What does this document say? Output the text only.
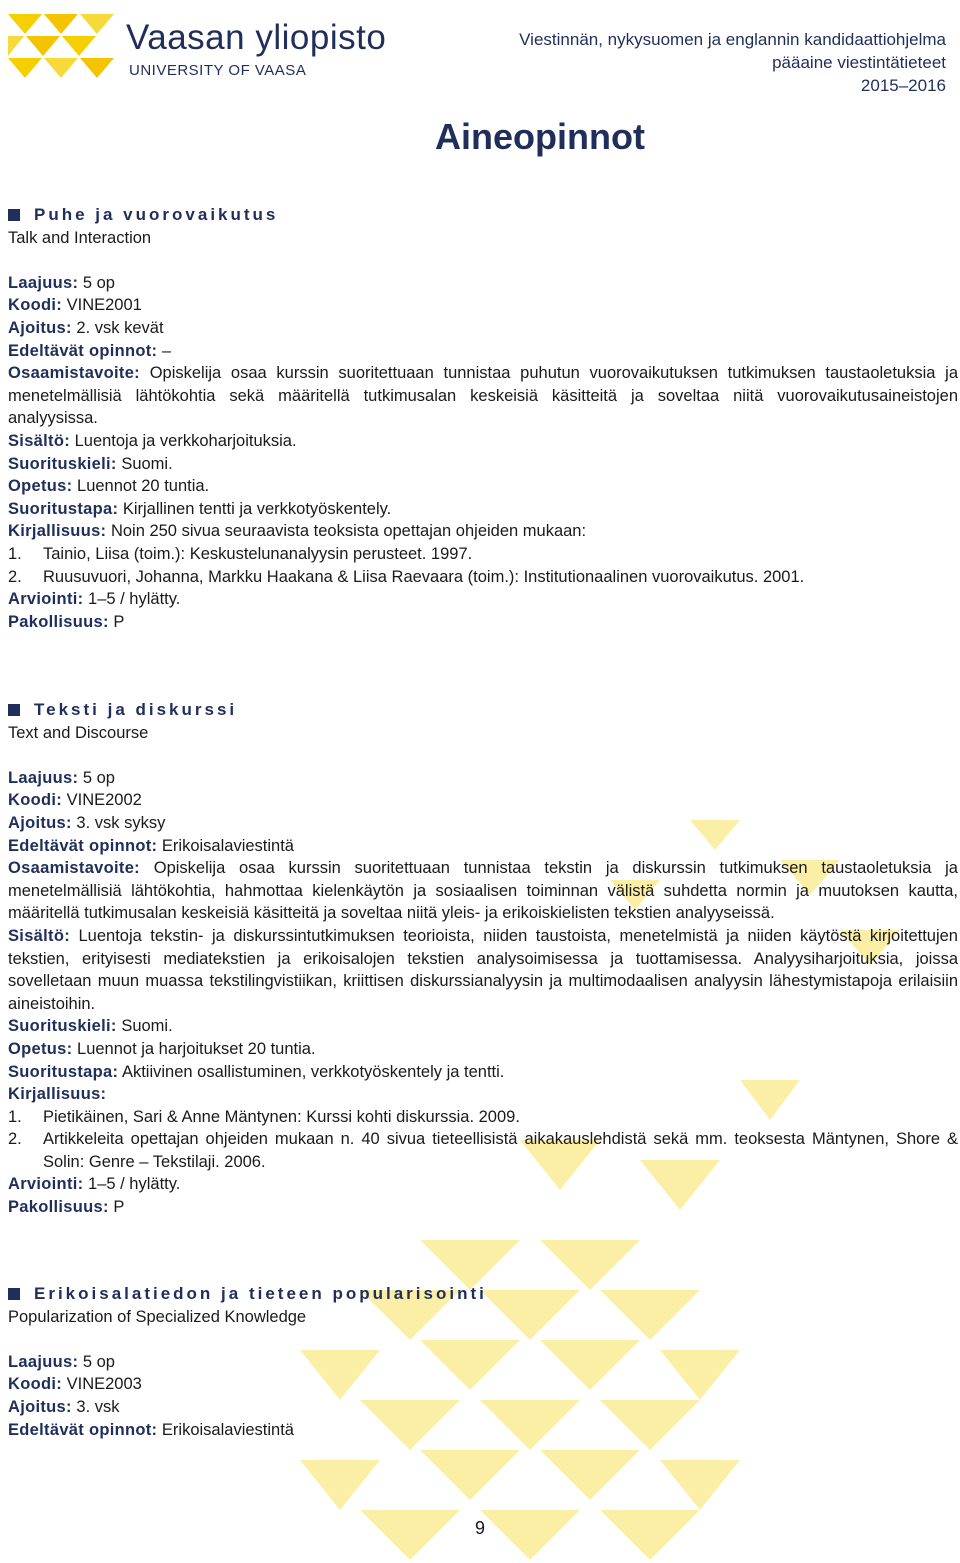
Vaasan yliopisto
UNIVERSITY OF VAASA
Viestinnän, nykysuomen ja englannin kandidaattiohjelma
pääaine viestintätieteet
2015–2016
Aineopinnot
Puhe ja vuorovaikutus
Talk and Interaction
Laajuus: 5 op
Koodi: VINE2001
Ajoitus: 2. vsk kevät
Edeltävät opinnot: –
Osaamistavoite: Opiskelija osaa kurssin suoritettuaan tunnistaa puhutun vuorovaikutuksen tutkimuksen taustaoletuksia ja menetelmällisiä lähtökohtia sekä määritellä tutkimusalan keskeisiä käsitteitä ja soveltaa niitä vuorovaikutusaineistojen analyysissa.
Sisältö: Luentoja ja verkkoharjoituksia.
Suorituskieli: Suomi.
Opetus: Luennot 20 tuntia.
Suoritustapa: Kirjallinen tentti ja verkkotyöskentely.
Kirjallisuus: Noin 250 sivua seuraavista teoksista opettajan ohjeiden mukaan:
1.	Tainio, Liisa (toim.): Keskustelunanalyysin perusteet. 1997.
2.	Ruusuvuori, Johanna, Markku Haakana & Liisa Raevaara (toim.): Institutionaalinen vuorovaikutus. 2001.
Arviointi: 1–5 / hylätty.
Pakollisuus: P
Teksti ja diskurssi
Text and Discourse
Laajuus: 5 op
Koodi: VINE2002
Ajoitus: 3. vsk syksy
Edeltävät opinnot: Erikoisalaviestintä
Osaamistavoite: Opiskelija osaa kurssin suoritettuaan tunnistaa tekstin ja diskurssin tutkimuksen taustaoletuksia ja menetelmällisiä lähtökohtia, hahmottaa kielenkäytön ja sosiaalisen toiminnan välistä suhdetta normin ja muutoksen kautta, määritellä tutkimusalan keskeisiä käsitteitä ja soveltaa niitä yleis- ja erikoiskielisten tekstien analyyseissä.
Sisältö: Luentoja tekstin- ja diskurssintutkimuksen teorioista, niiden taustoista, menetelmistä ja niiden käytöstä kirjoitettujen tekstien, erityisesti mediatekstien ja erikoisalojen tekstien analysoimisessa ja tuottamisessa. Analyysiharjoituksia, joissa sovelletaan muun muassa tekstilingvistiikan, kriittisen diskurssianalyysin ja multimodaalisen analyysin lähestymistapoja erilaisiin aineistoihin.
Suorituskieli: Suomi.
Opetus: Luennot ja harjoitukset 20 tuntia.
Suoritustapa: Aktiivinen osallistuminen, verkkotyöskentely ja tentti.
Kirjallisuus:
1.	Pietikäinen, Sari & Anne Mäntynen: Kurssi kohti diskurssia. 2009.
2.	Artikkeleita opettajan ohjeiden mukaan n. 40 sivua tieteellisistä aikakauslehdistä sekä mm. teoksesta Mäntynen, Shore & Solin: Genre – Tekstilaji. 2006.
Arviointi: 1–5 / hylätty.
Pakollisuus: P
Erikoisalatiedon ja tieteen popularisointi
Popularization of Specialized Knowledge
Laajuus: 5 op
Koodi: VINE2003
Ajoitus: 3. vsk
Edeltävät opinnot: Erikoisalaviestintä
9
